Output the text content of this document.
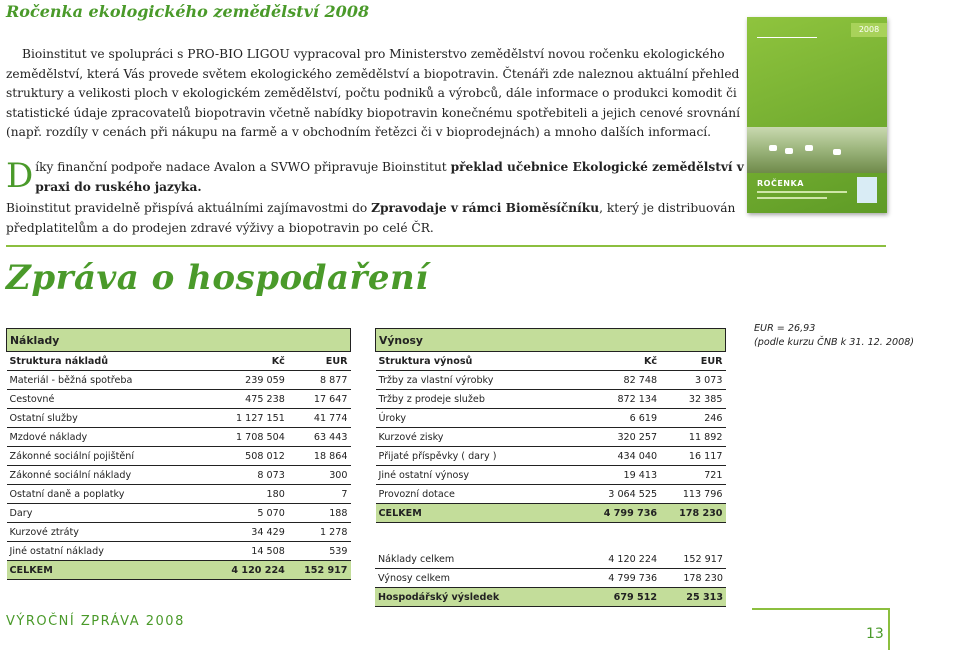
Ročenka ekologického zemědělství 2008
Bioinstitut ve spolupráci s PRO-BIO LIGOU vypracoval pro Ministerstvo zemědělství novou ročenku ekologického zemědělství, která Vás provede světem ekologického zemědělství a biopotravin. Čtenáři zde naleznou aktuální přehled struktury a velikosti ploch v ekologickém zemědělství, počtu podniků a výrobců, dále informace o produkci komodit či statistické údaje zpracovatelů biopotravin včetně nabídky biopotravin konečnému spotřebiteli a jejich cenové srovnání (např. rozdíly v cenách při nákupu na farmě a v obchodním řetězci či v bioprodejnách) a mnoho dalších informací.
Díky finanční podpoře nadace Avalon a SVWO připravuje Bioinstitut překlad učebnice Ekologické zemědělství v praxi do ruského jazyka.
Bioinstitut pravidelně přispívá aktuálními zajímavostmi do Zpravodaje v rámci Bioměsíčníku, který je distribuován předplatitelům a do prodejen zdravé výživy a biopotravin po celé ČR.
2008
ROČENKA
Zpráva o hospodaření
Náklady		
Struktura nákladů	Kč	EUR
Materiál - běžná spotřeba	239 059	8 877
Cestovné	475 238	17 647
Ostatní služby	1 127 151	41 774
Mzdové náklady	1 708 504	63 443
Zákonné sociální pojištění	508 012	18 864
Zákonné sociální náklady	8 073	300
Ostatní daně a poplatky	180	7
Dary	5 070	188
Kurzové ztráty	34 429	1 278
Jiné ostatní náklady	14 508	539
CELKEM	4 120 224	152 917
Výnosy		
Struktura výnosů	Kč	EUR
Tržby za vlastní výrobky	82 748	3 073
Tržby z prodeje služeb	872 134	32 385
Úroky	6 619	246
Kurzové zisky	320 257	11 892
Přijaté příspěvky ( dary )	434 040	16 117
Jiné ostatní výnosy	19 413	721
Provozní dotace	3 064 525	113 796
CELKEM	4 799 736	178 230
Náklady celkem	4 120 224	152 917
Výnosy celkem	4 799 736	178 230
Hospodářský výsledek	679 512	25 313
EUR = 26,93
(podle kurzu ČNB k 31. 12. 2008)
VÝROČNÍ ZPRÁVA 2008
13
